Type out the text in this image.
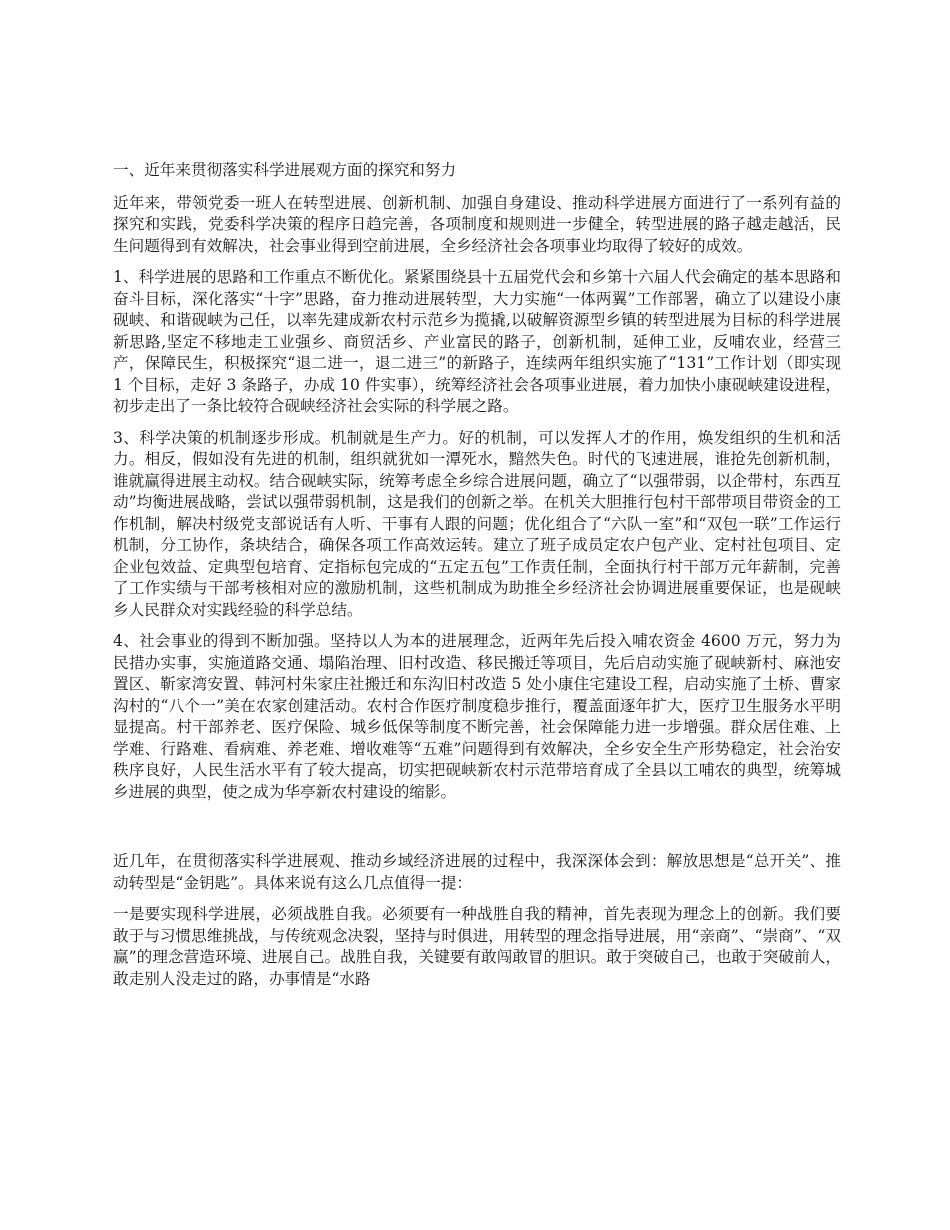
一、近年来贯彻落实科学进展观方面的探究和努力

近年来，带领党委一班人在转型进展、创新机制、加强自身建设、推动科学进展方面进行了一系列有益的探究和实践，党委科学决策的程序日趋完善，各项制度和规则进一步健全，转型进展的路子越走越活，民生问题得到有效解决，社会事业得到空前进展，全乡经济社会各项事业均取得了较好的成效。

1、科学进展的思路和工作重点不断优化。紧紧围绕县十五届党代会和乡第十六届人代会确定的基本思路和奋斗目标，深化落实“十字”思路，奋力推动进展转型，大力实施“一体两翼”工作部署，确立了以建设小康砚峡、和谐砚峡为己任，以率先建成新农村示范乡为揽撬,以破解资源型乡镇的转型进展为目标的科学进展新思路,坚定不移地走工业强乡、商贸活乡、产业富民的路子，创新机制，延伸工业，反哺农业，经营三产，保障民生，积极探究“退二进一，退二进三”的新路子，连续两年组织实施了“131”工作计划（即实现 1 个目标，走好 3 条路子，办成 10 件实事），统筹经济社会各项事业进展，着力加快小康砚峡建设进程，初步走出了一条比较符合砚峡经济社会实际的科学展之路。

3、科学决策的机制逐步形成。机制就是生产力。好的机制，可以发挥人才的作用，焕发组织的生机和活力。相反，假如没有先进的机制，组织就犹如一潭死水，黯然失色。时代的飞速进展，谁抢先创新机制，谁就赢得进展主动权。结合砚峡实际，统筹考虑全乡综合进展问题，确立了“以强带弱，以企带村，东西互动”均衡进展战略，尝试以强带弱机制，这是我们的创新之举。在机关大胆推行包村干部带项目带资金的工作机制，解决村级党支部说话有人听、干事有人跟的问题；优化组合了“六队一室”和“双包一联”工作运行机制，分工协作，条块结合，确保各项工作高效运转。建立了班子成员定农户包产业、定村社包项目、定企业包效益、定典型包培育、定指标包完成的“五定五包”工作责任制，全面执行村干部万元年薪制，完善了工作实绩与干部考核相对应的激励机制，这些机制成为助推全乡经济社会协调进展重要保证，也是砚峡乡人民群众对实践经验的科学总结。

4、社会事业的得到不断加强。坚持以人为本的进展理念，近两年先后投入哺农资金 4600 万元，努力为民措办实事，实施道路交通、塌陷治理、旧村改造、移民搬迁等项目，先后启动实施了砚峡新村、麻池安置区、靳家湾安置、韩河村朱家庄社搬迁和东沟旧村改造 5 处小康住宅建设工程，启动实施了土桥、曹家沟村的“八个一”美在农家创建活动。农村合作医疗制度稳步推行，覆盖面逐年扩大，医疗卫生服务水平明显提高。村干部养老、医疗保险、城乡低保等制度不断完善，社会保障能力进一步增强。群众居住难、上学难、行路难、看病难、养老难、增收难等“五难”问题得到有效解决，全乡安全生产形势稳定，社会治安秩序良好，人民生活水平有了较大提高，切实把砚峡新农村示范带培育成了全县以工哺农的典型，统筹城乡进展的典型，使之成为华亭新农村建设的缩影。

近几年，在贯彻落实科学进展观、推动乡域经济进展的过程中，我深深体会到：解放思想是“总开关”、推动转型是“金钥匙”。具体来说有这么几点值得一提：

一是要实现科学进展，必须战胜自我。必须要有一种战胜自我的精神，首先表现为理念上的创新。我们要敢于与习惯思维挑战，与传统观念决裂，坚持与时俱进，用转型的理念指导进展，用“亲商”、“崇商”、“双赢”的理念营造环境、进展自己。战胜自我，关键要有敢闯敢冒的胆识。敢于突破自己，也敢于突破前人，敢走别人没走过的路，办事情是“水路
